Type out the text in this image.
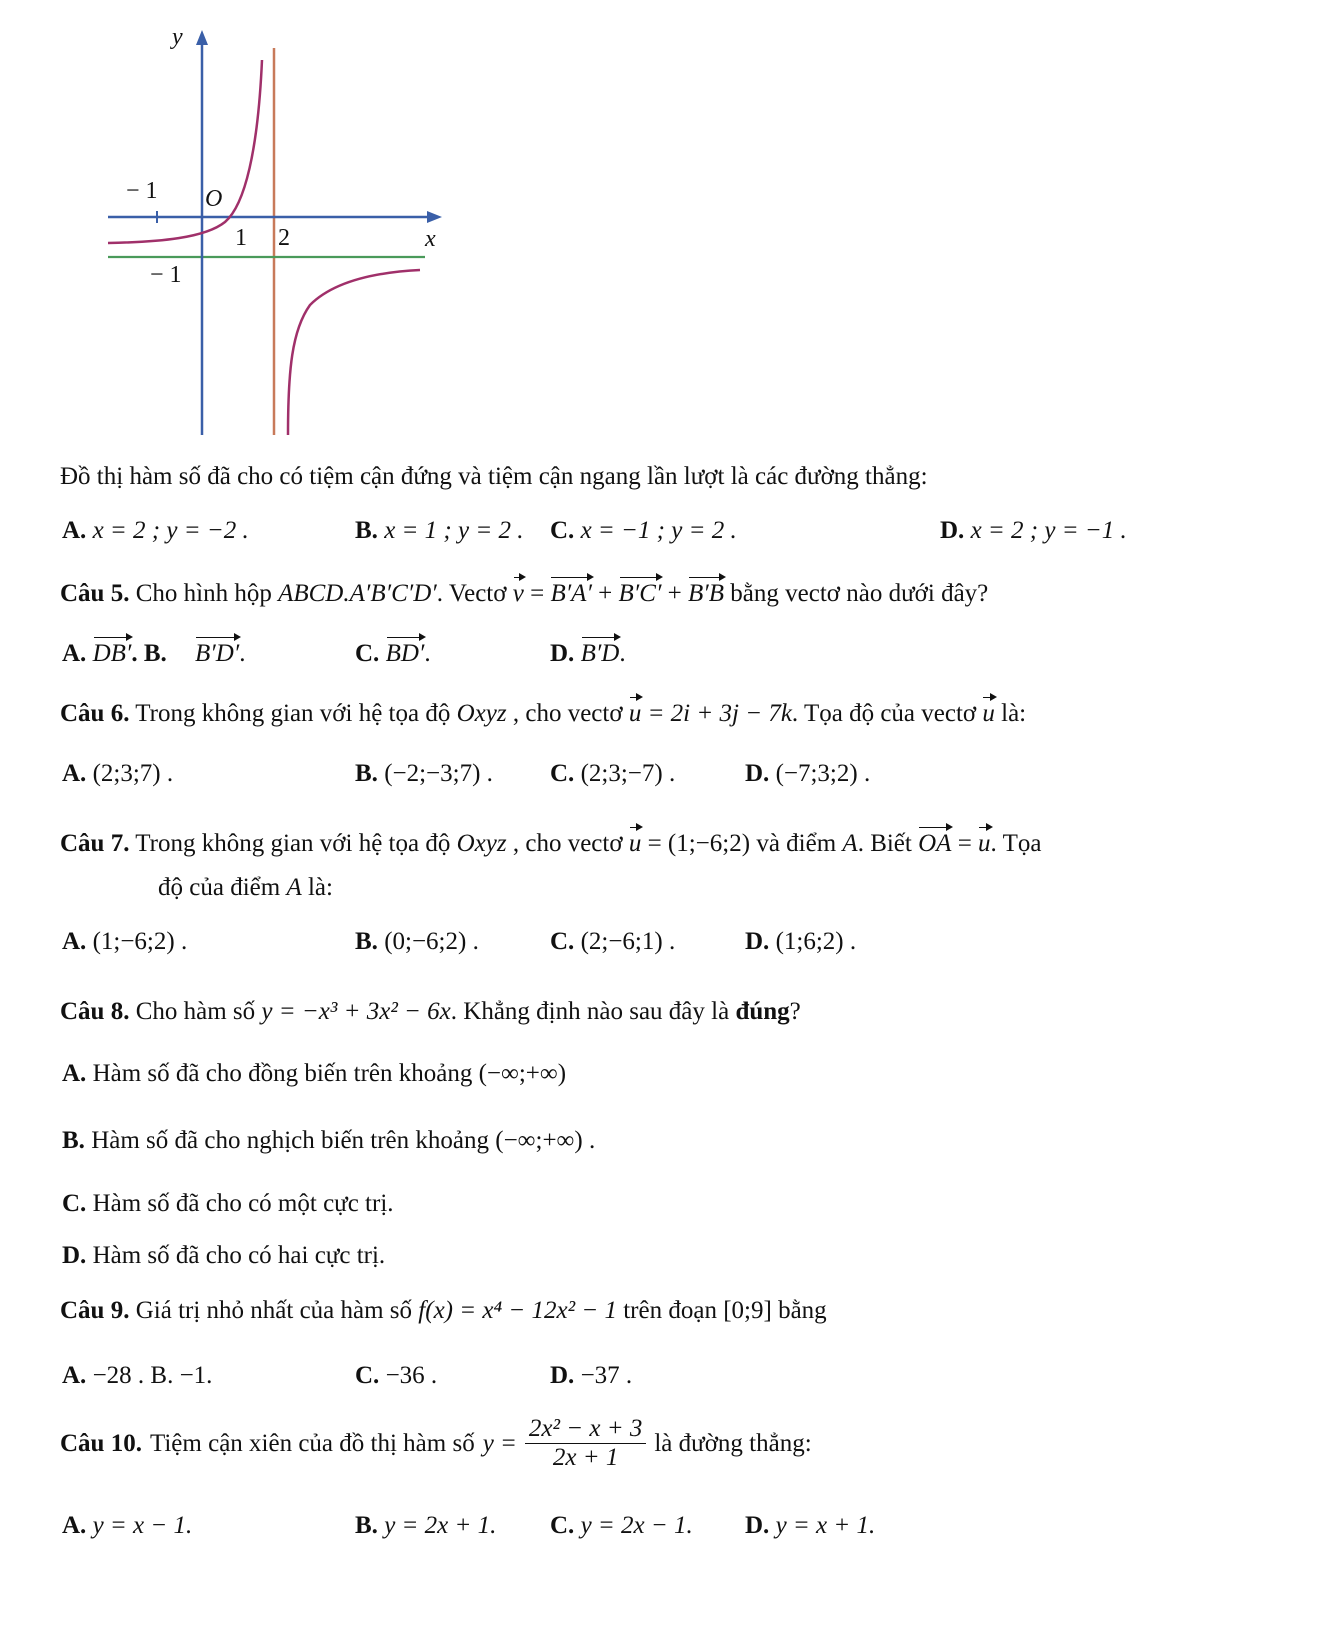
y
x
O
− 1
1 2
− 1
Đồ thị hàm số đã cho có tiệm cận đứng và tiệm cận ngang lần lượt là các đường thẳng:
A. x = 2 ; y = −2 .	B. x = 1 ; y = 2 . C. x = −1 ; y = 2 .	D. x = 2 ; y = −1 .
Câu 5. Cho hình hộp ABCD.A′B′C′D′. Vectơ v = B′A′ + B′C′ + B′B bằng vectơ nào dưới đây?
A. DB′. B. B′D′.	C. BD′.	D. B′D.
Câu 6. Trong không gian với hệ tọa độ Oxyz , cho vectơ u = 2i + 3j − 7k. Tọa độ của vectơ u là:
A. (2;3;7) .	B. (−2;−3;7) . C. (2;3;−7) .	D. (−7;3;2) .
Câu 7. Trong không gian với hệ tọa độ Oxyz , cho vectơ u = (1;−6;2) và điểm A. Biết OA = u. Tọa
độ của điểm A là:
A. (1;−6;2) .	B. (0;−6;2) .	C. (2;−6;1) .	D. (1;6;2) .
Câu 8. Cho hàm số y = −x³ + 3x² − 6x. Khẳng định nào sau đây là đúng?
A. Hàm số đã cho đồng biến trên khoảng (−∞;+∞)
B. Hàm số đã cho nghịch biến trên khoảng (−∞;+∞) .
C. Hàm số đã cho có một cực trị.
D. Hàm số đã cho có hai cực trị.
Câu 9. Giá trị nhỏ nhất của hàm số f(x) = x⁴ − 12x² − 1 trên đoạn [0;9] bằng
A. −28 . B. −1.	C. −36 .	D. −37 .
Câu 10. Tiệm cận xiên của đồ thị hàm số $y = \frac{\text{2x² − x + 3}}{2x + 1}$ là đường thẳng:
A. y = x − 1.	B. y = 2x + 1. C. y = 2x − 1. D. y = x + 1.
